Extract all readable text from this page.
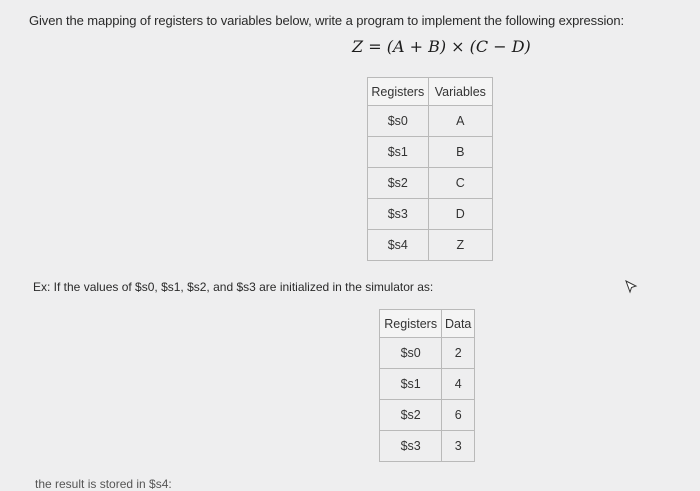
Given the mapping of registers to variables below, write a program to implement the following expression:
Z = (A + B) × (C − D)
Registers	Variables
$s0	A
$s1	B
$s2	C
$s3	D
$s4	Z
Ex: If the values of $s0, $s1, $s2, and $s3 are initialized in the simulator as:
Registers	Data
$s0	2
$s1	4
$s2	6
$s3	3
the result is stored in $s4:
